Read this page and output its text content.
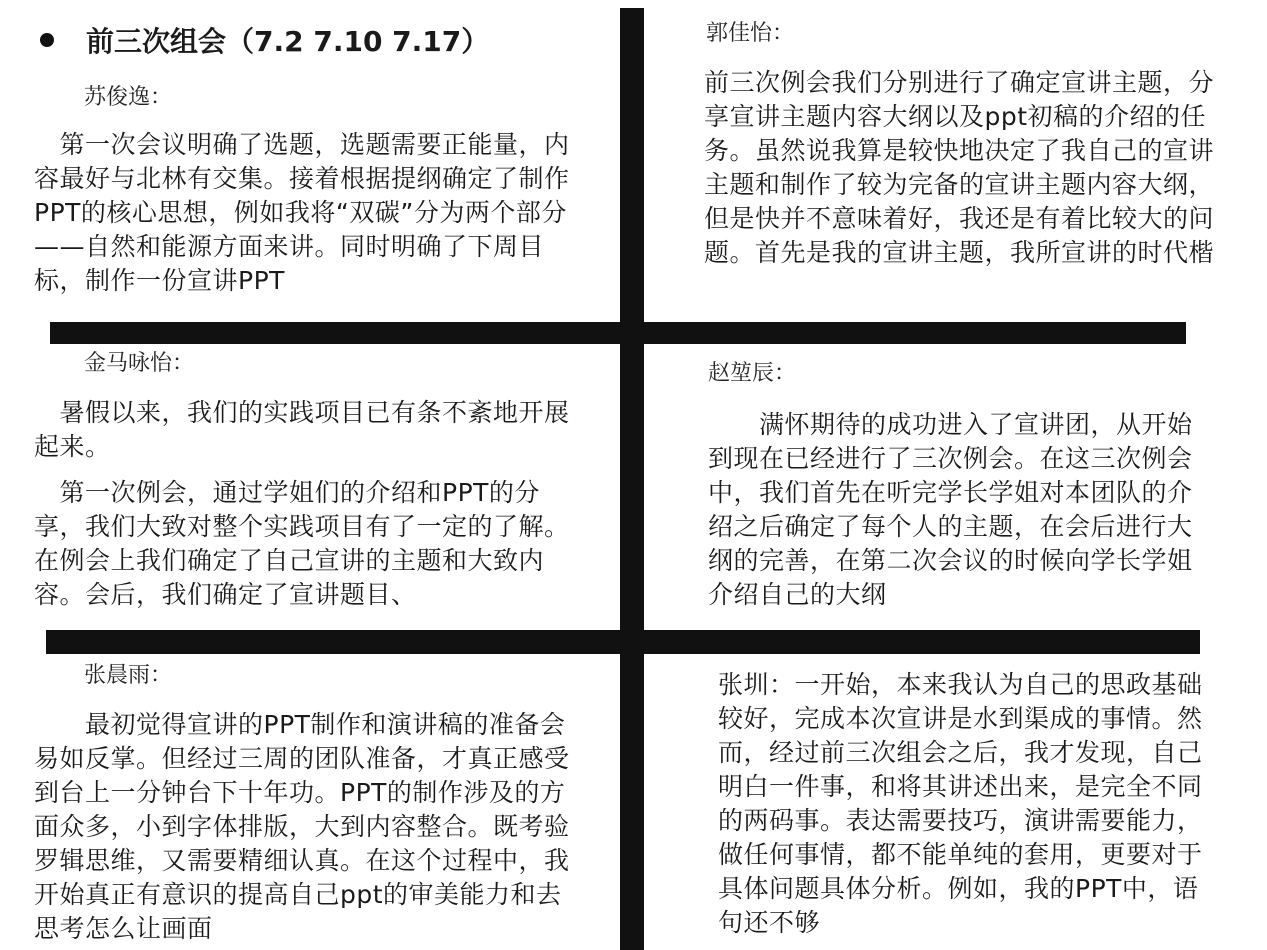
前三次组会（7.2 7.10 7.17）
苏俊逸：

　第一次会议明确了选题，选题需要正能量，内容最好与北林有交集。接着根据提纲确定了制作PPT的核心思想，例如我将“双碳”分为两个部分——自然和能源方面来讲。同时明确了下周目标，制作一份宣讲PPT

郭佳怡：

前三次例会我们分别进行了确定宣讲主题，分享宣讲主题内容大纲以及ppt初稿的介绍的任务。虽然说我算是较快地决定了我自己的宣讲主题和制作了较为完备的宣讲主题内容大纲，但是快并不意味着好，我还是有着比较大的问题。首先是我的宣讲主题，我所宣讲的时代楷

金马咏怡：

　暑假以来，我们的实践项目已有条不紊地开展起来。

　第一次例会，通过学姐们的介绍和PPT的分享，我们大致对整个实践项目有了一定的了解。在例会上我们确定了自己宣讲的主题和大致内容。会后，我们确定了宣讲题目、

赵堃辰：

　　满怀期待的成功进入了宣讲团，从开始到现在已经进行了三次例会。在这三次例会中，我们首先在听完学长学姐对本团队的介绍之后确定了每个人的主题，在会后进行大纲的完善，在第二次会议的时候向学长学姐介绍自己的大纲

张晨雨：

　　最初觉得宣讲的PPT制作和演讲稿的准备会易如反掌。但经过三周的团队准备，才真正感受到台上一分钟台下十年功。PPT的制作涉及的方面众多，小到字体排版，大到内容整合。既考验罗辑思维，又需要精细认真。在这个过程中，我开始真正有意识的提高自己ppt的审美能力和去思考怎么让画面

张圳：一开始，本来我认为自己的思政基础较好，完成本次宣讲是水到渠成的事情。然而，经过前三次组会之后，我才发现，自己明白一件事，和将其讲述出来，是完全不同的两码事。表达需要技巧，演讲需要能力，做任何事情，都不能单纯的套用，更要对于具体问题具体分析。例如，我的PPT中，语句还不够
